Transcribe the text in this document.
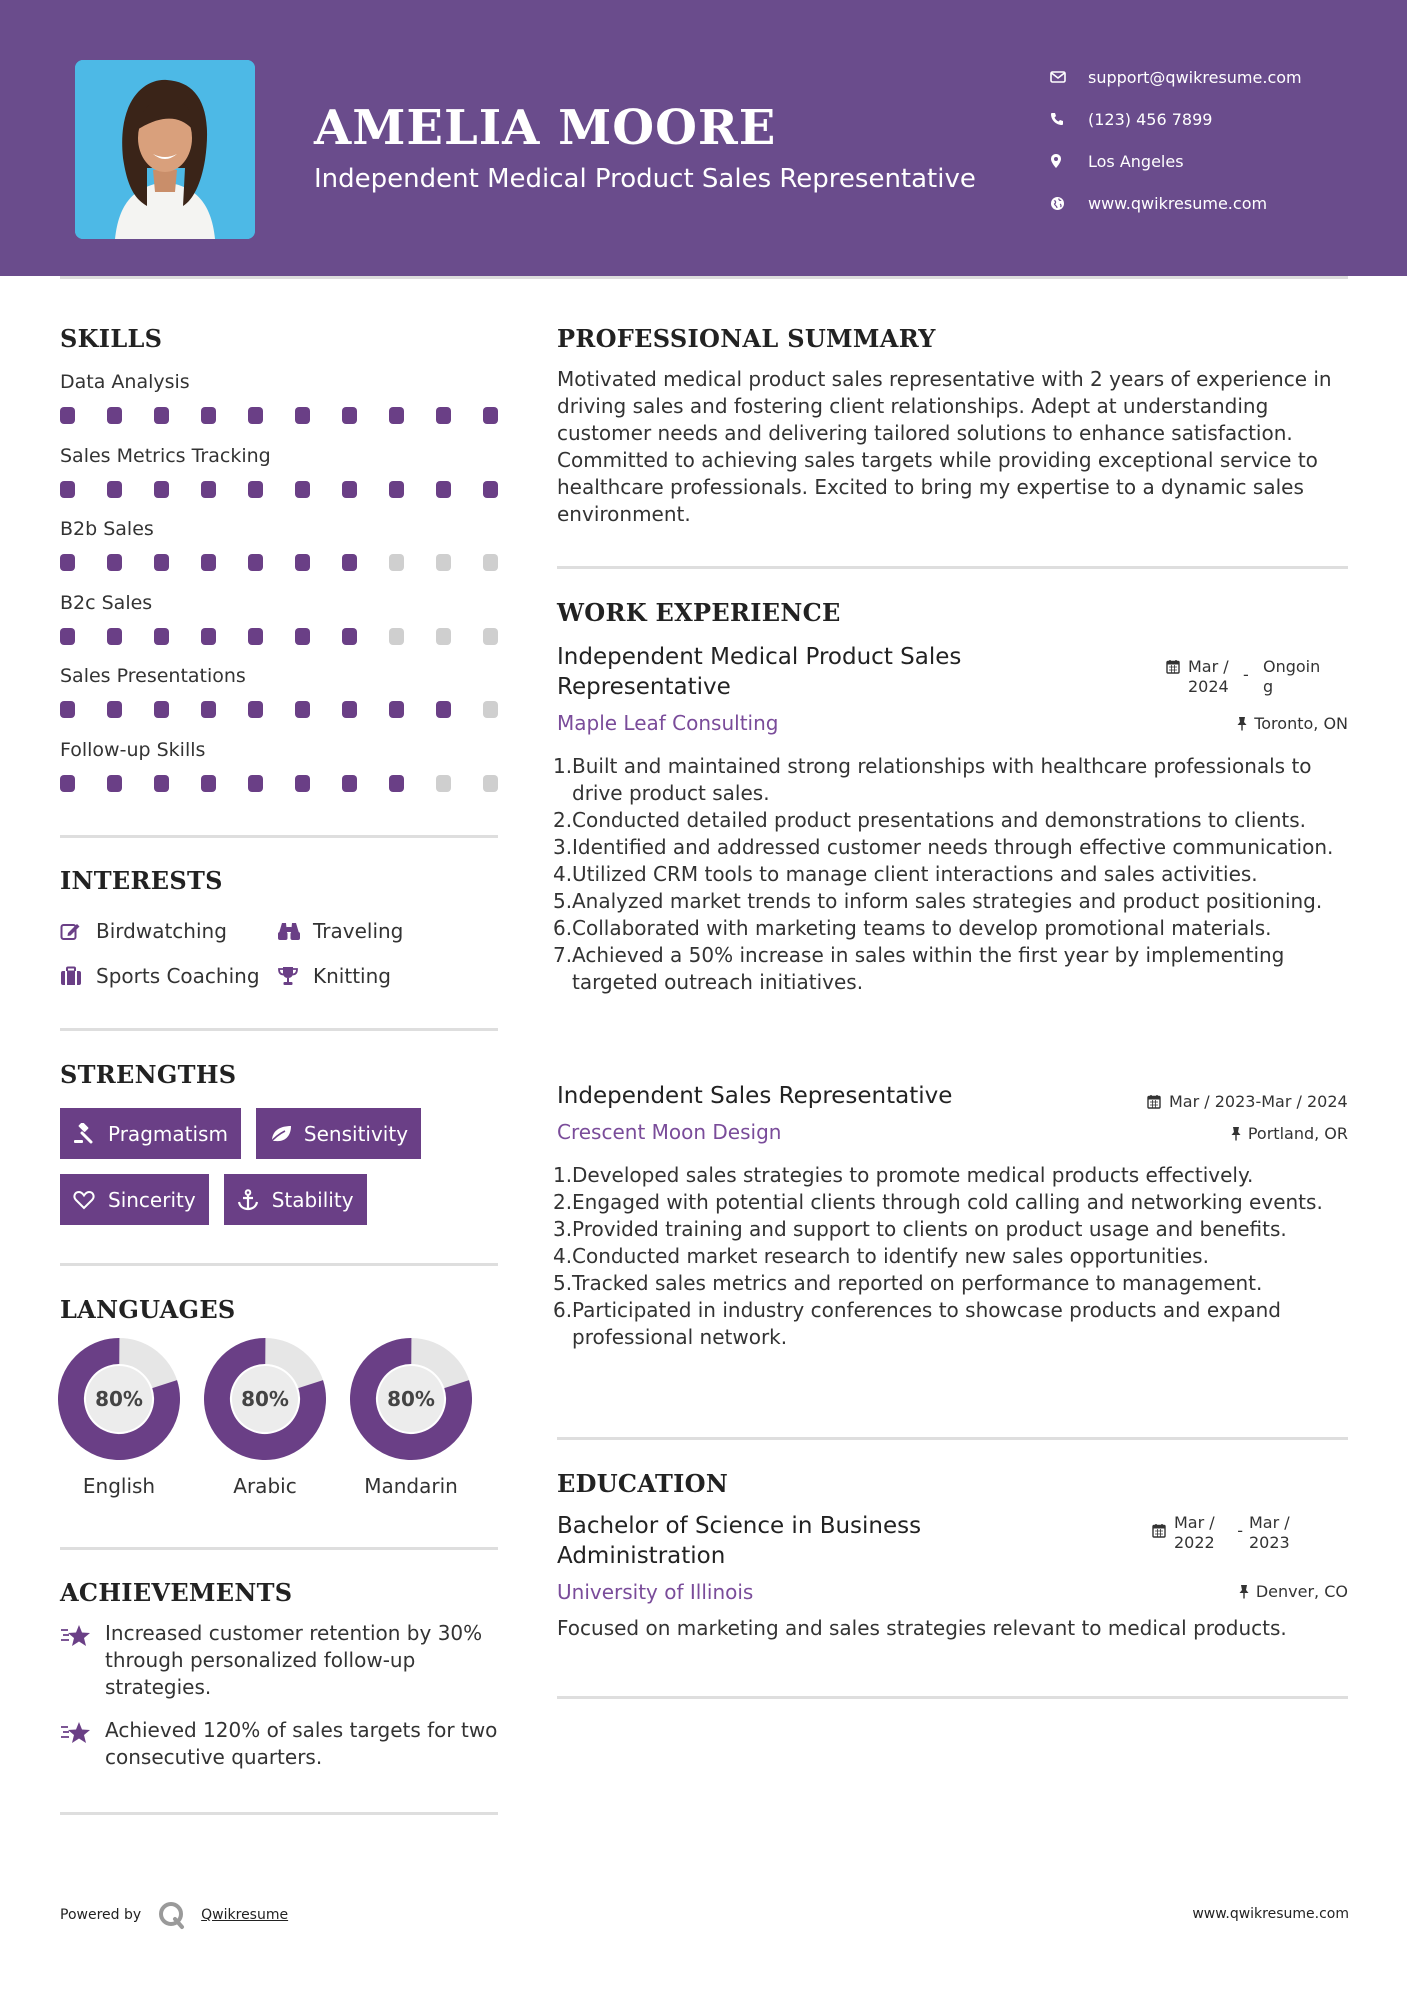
AMELIA MOORE
Independent Medical Product Sales Representative
support@qwikresume.com
(123) 456 7899
Los Angeles
www.qwikresume.com
SKILLS
Data Analysis
Sales Metrics Tracking
B2b Sales
B2c Sales
Sales Presentations
Follow-up Skills
INTERESTS
Birdwatching	Traveling
Sports Coaching	Knitting
STRENGTHS
Pragmatism	Sensitivity
Sincerity	Stability
LANGUAGES
80%
English
80%
Arabic
80%
Mandarin
ACHIEVEMENTS
Increased customer retention by 30% through personalized follow-up strategies.
Achieved 120% of sales targets for two consecutive quarters.
PROFESSIONAL SUMMARY
Motivated medical product sales representative with 2 years of experience in driving sales and fostering client relationships. Adept at understanding customer needs and delivering tailored solutions to enhance satisfaction. Committed to achieving sales targets while providing exceptional service to healthcare professionals. Excited to bring my expertise to a dynamic sales environment.
WORK EXPERIENCE
Independent Medical Product Sales Representative
Mar / 2024
- Ongoing
Maple Leaf Consulting	Toronto, ON
1. Built and maintained strong relationships with healthcare professionals to drive product sales.
2. Conducted detailed product presentations and demonstrations to clients.
3. Identified and addressed customer needs through effective communication.
4. Utilized CRM tools to manage client interactions and sales activities.
5. Analyzed market trends to inform sales strategies and product positioning.
6. Collaborated with marketing teams to develop promotional materials.
7. Achieved a 50% increase in sales within the first year by implementing targeted outreach initiatives.
Independent Sales Representative	Mar / 2023-Mar / 2024
Crescent Moon Design	Portland, OR
1. Developed sales strategies to promote medical products effectively.
2. Engaged with potential clients through cold calling and networking events.
3. Provided training and support to clients on product usage and benefits.
4. Conducted market research to identify new sales opportunities.
5. Tracked sales metrics and reported on performance to management.
6. Participated in industry conferences to showcase products and expand professional network.
EDUCATION
Bachelor of Science in Business Administration
Mar / 2022
- Mar / 2023
University of Illinois	Denver, CO
Focused on marketing and sales strategies relevant to medical products.
Powered by	Qwikresume	www.qwikresume.com
